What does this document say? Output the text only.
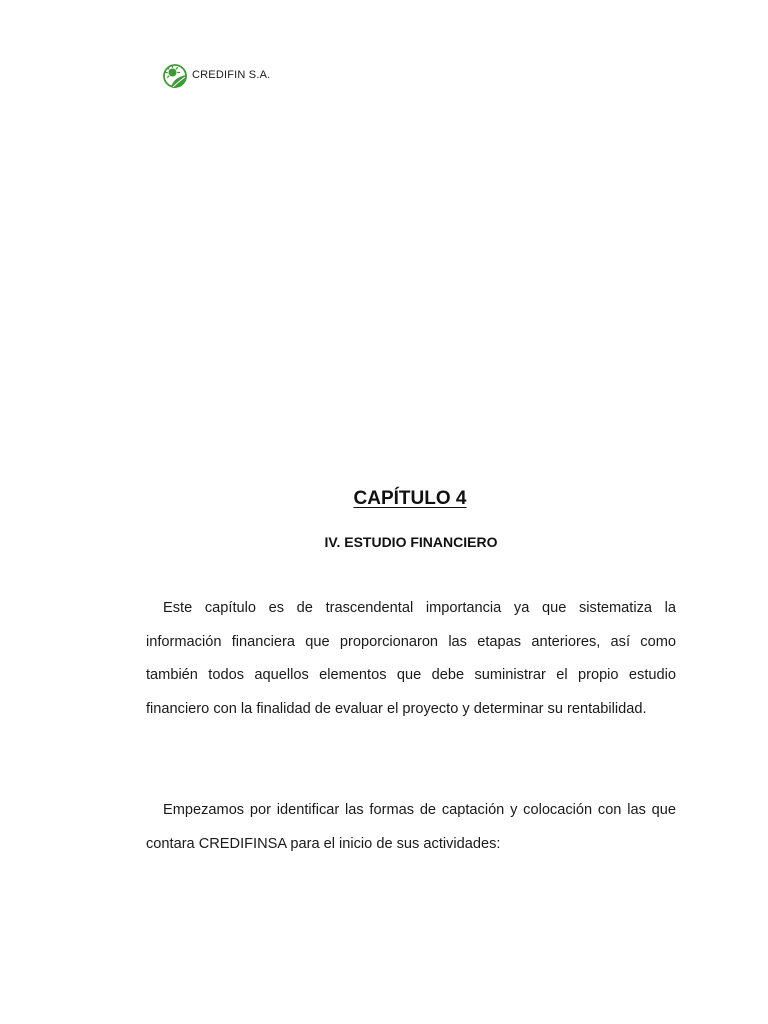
CREDIFIN S.A.
CAPÍTULO 4
IV. ESTUDIO FINANCIERO

Este capítulo es de trascendental importancia ya que sistematiza la información financiera que proporcionaron las etapas anteriores, así como también todos aquellos elementos que debe suministrar el propio estudio financiero con la finalidad de evaluar el proyecto y determinar su rentabilidad.

Empezamos por identificar las formas de captación y colocación con las que contara CREDIFINSA para el inicio de sus actividades:
